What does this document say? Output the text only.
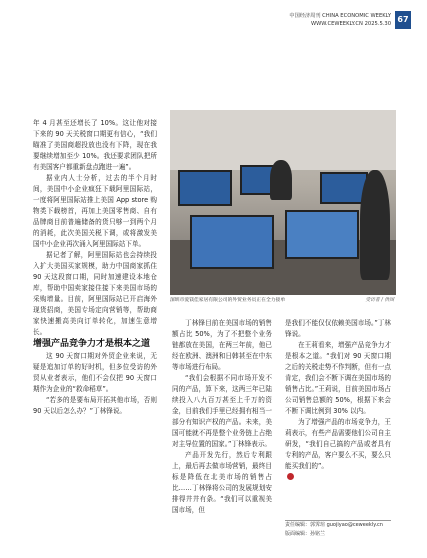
中国经济周刊 CHINA ECONOMIC WEEKLY
WWW.CEWEEKLY.CN 2025.5.30 67

年 4 月甚至还增长了 10%。这让他对接下来的 90 天关税窗口期更有信心，“我们瞄准了美国商超投放也没有下降，现在我要继续增加至少 10%。我还要求团队把所有美国客户都重新盘点跑进一遍”。

据业内人士分析，过去的半个月时间，美国中小企业疯狂下载阿里国际站，一度将阿里国际站推上美国 App store 购物类下载榜首，再加上美国零售商、自有品牌商目前普遍储备的货只够一到两个月的消耗，此次美国关税下调，或将激发美国中小企业再次涌入阿里国际站下单。

据记者了解，阿里国际站也会持续投入扩大美国买家规模，助力中国商家抓住 90 天这段窗口期，同时加速建设本地仓库，帮助中国卖家接住接下来美国市场的采购增量。目前，阿里国际站已开启海外现货招商，美国专场定向营销等，帮助商家快速搬高美向订单转化，加速生意增长。

增强产品竞争力才是根本之道

这 90 天窗口期对外贸企业来说，无疑是追加订单的好时机，但多位受访的外贸从业者表示，他们不会仅把 90 天窗口期作为企业的“救命稻草”。

“若多的是要布局开拓其他市场，否则 90 天以后怎么办？”丁林锋说。

深圳市爱镁佳家居有限公司的外贸业务员正在全力接单	受访者 / 供图

丁林锋目前在美国市场的销售额占比 50%，为了不把整个业务链都放在美国，在两三年前，他已经在欧洲、澳洲和日韩甚至在中东等市场进行布局。

“我们会根据不同市场开发不同的产品，算下来，这两三年已陆续投入八九百万甚至上千万的资金，目前我们手里已经拥有相当一部分有知识产权的产品。未来，美国可能就不再是整个业务链上占绝对主导位置的国家。”丁林锋表示。

产品开发先行，然后专利跟上，最后再去做市场营销，最终目标是降低在北美市场的销售占比……丁林锋将公司的发展规划安排得井井有条。“我们可以重视美国市场，但

是我们不能仅仅依赖美国市场。”丁林锋说。

在王莉看来，增强产品竞争力才是根本之道。“我们对 90 天窗口期之后的关税走势不作判断，但有一点肯定，我们会不断下调在美国市场的销售占比。”王莉说，目前美国市场占公司销售总额的 50%，根据下来会不断下调比例到 30% 以内。

为了增强产品的市场竞争力，王莉表示，有些产品需要他们公司自主研发，“我们自己搞的产品或者具有专利的产品，客户要么不买，要么只能买我们的”。

责任编辑：郭霁瑄 guojiyao@ceweekly.cn
版面编辑：孙铭兰
